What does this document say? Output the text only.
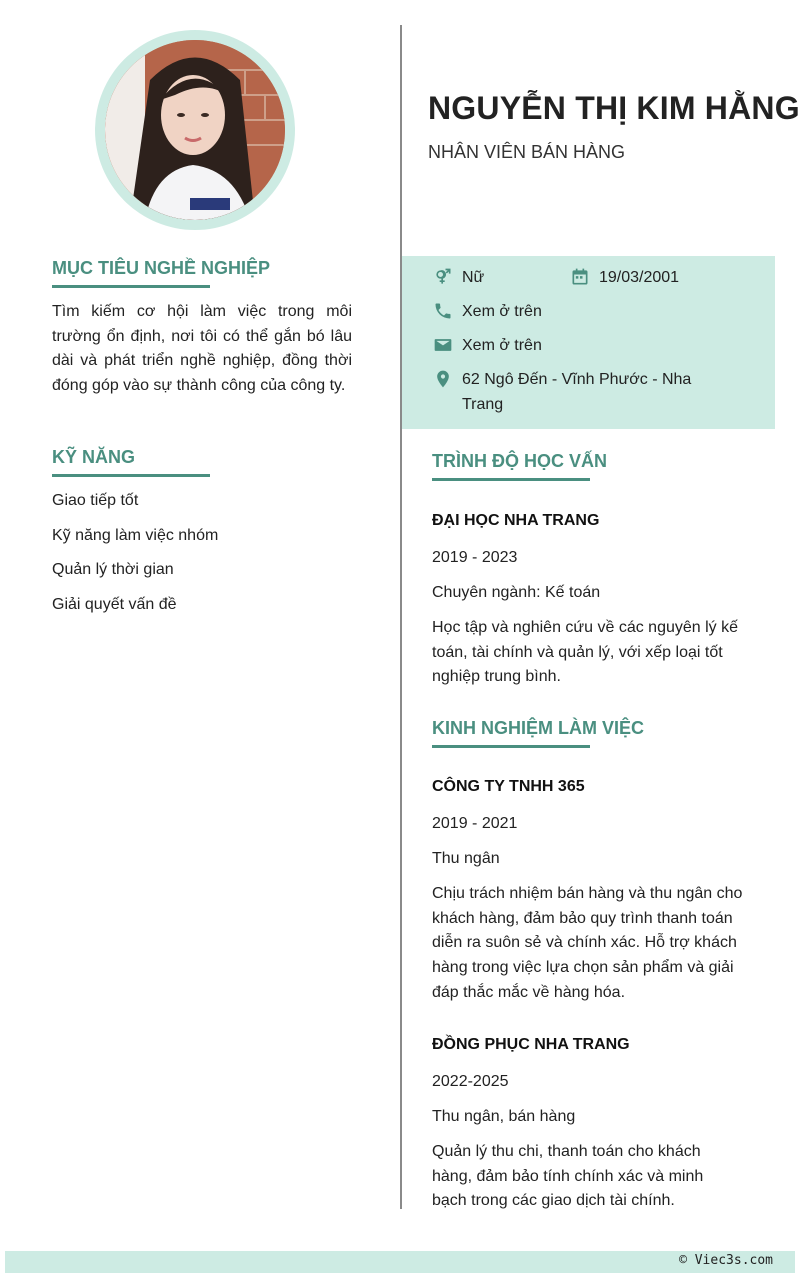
NGUYỄN THỊ KIM HẰNG
NHÂN VIÊN BÁN HÀNG
MỤC TIÊU NGHỀ NGHIỆP
Tìm kiếm cơ hội làm việc trong môi trường ổn định, nơi tôi có thể gắn bó lâu dài và phát triển nghề nghiệp, đồng thời đóng góp vào sự thành công của công ty.
KỸ NĂNG
Giao tiếp tốt
Kỹ năng làm việc nhóm
Quản lý thời gian
Giải quyết vấn đề
Nữ	19/03/2001
Xem ở trên
Xem ở trên
62 Ngô Đến - Vĩnh Phước - Nha
Trang
TRÌNH ĐỘ HỌC VẤN
ĐẠI HỌC NHA TRANG
2019 - 2023
Chuyên ngành: Kế toán
Học tập và nghiên cứu về các nguyên lý kế toán, tài chính và quản lý, với xếp loại tốt nghiệp trung bình.
KINH NGHIỆM LÀM VIỆC
CÔNG TY TNHH 365
2019 - 2021
Thu ngân
Chịu trách nhiệm bán hàng và thu ngân cho khách hàng, đảm bảo quy trình thanh toán diễn ra suôn sẻ và chính xác. Hỗ trợ khách hàng trong việc lựa chọn sản phẩm và giải đáp thắc mắc về hàng hóa.
ĐỒNG PHỤC NHA TRANG
2022-2025
Thu ngân, bán hàng
Quản lý thu chi, thanh toán cho khách hàng, đảm bảo tính chính xác và minh bạch trong các giao dịch tài chính.
© Viec3s.com
